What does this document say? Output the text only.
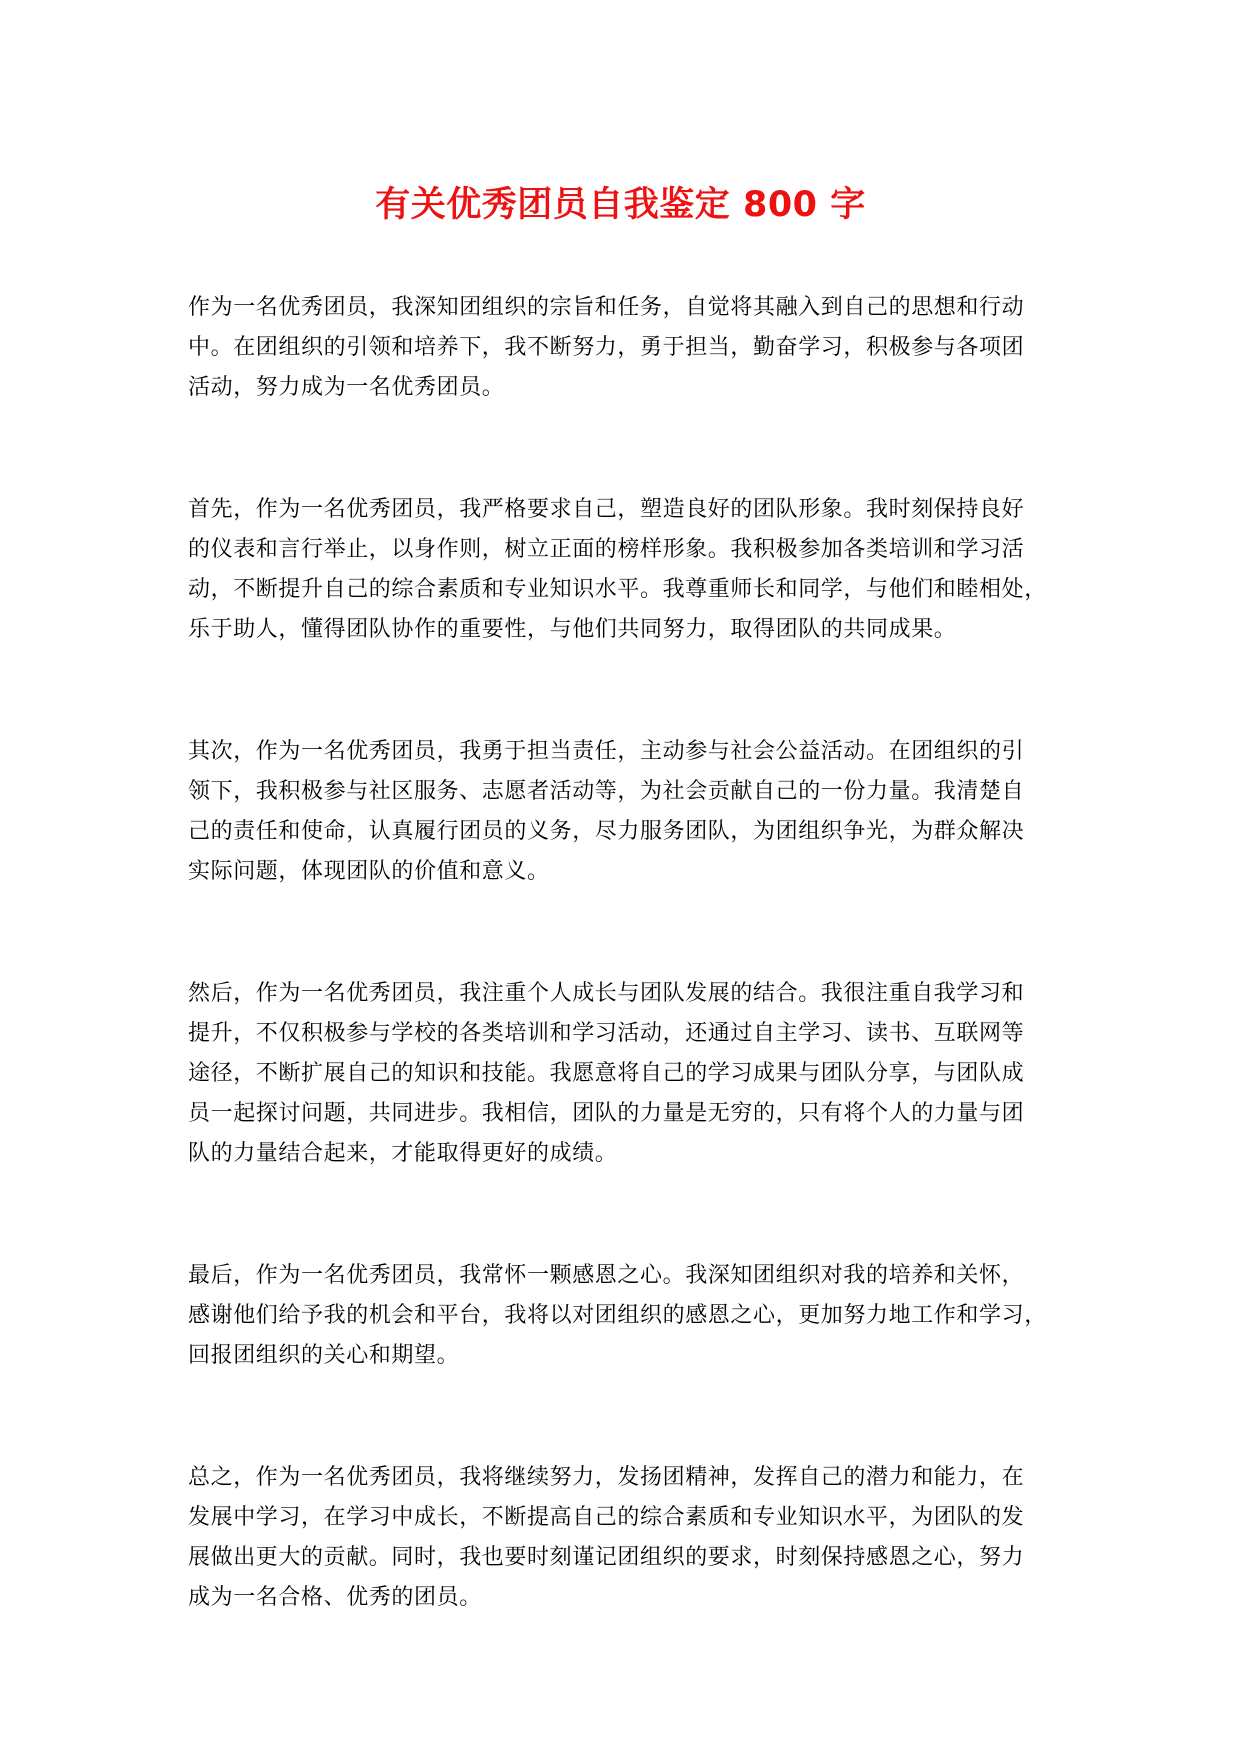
有关优秀团员自我鉴定 800 字

作为一名优秀团员，我深知团组织的宗旨和任务，自觉将其融入到自己的思想和行动
中。在团组织的引领和培养下，我不断努力，勇于担当，勤奋学习，积极参与各项团
活动，努力成为一名优秀团员。

首先，作为一名优秀团员，我严格要求自己，塑造良好的团队形象。我时刻保持良好
的仪表和言行举止，以身作则，树立正面的榜样形象。我积极参加各类培训和学习活
动，不断提升自己的综合素质和专业知识水平。我尊重师长和同学，与他们和睦相处，
乐于助人，懂得团队协作的重要性，与他们共同努力，取得团队的共同成果。

其次，作为一名优秀团员，我勇于担当责任，主动参与社会公益活动。在团组织的引
领下，我积极参与社区服务、志愿者活动等，为社会贡献自己的一份力量。我清楚自
己的责任和使命，认真履行团员的义务，尽力服务团队，为团组织争光，为群众解决
实际问题，体现团队的价值和意义。

然后，作为一名优秀团员，我注重个人成长与团队发展的结合。我很注重自我学习和
提升，不仅积极参与学校的各类培训和学习活动，还通过自主学习、读书、互联网等
途径，不断扩展自己的知识和技能。我愿意将自己的学习成果与团队分享，与团队成
员一起探讨问题，共同进步。我相信，团队的力量是无穷的，只有将个人的力量与团
队的力量结合起来，才能取得更好的成绩。

最后，作为一名优秀团员，我常怀一颗感恩之心。我深知团组织对我的培养和关怀，
感谢他们给予我的机会和平台，我将以对团组织的感恩之心，更加努力地工作和学习，
回报团组织的关心和期望。

总之，作为一名优秀团员，我将继续努力，发扬团精神，发挥自己的潜力和能力，在
发展中学习，在学习中成长，不断提高自己的综合素质和专业知识水平，为团队的发
展做出更大的贡献。同时，我也要时刻谨记团组织的要求，时刻保持感恩之心，努力
成为一名合格、优秀的团员。
